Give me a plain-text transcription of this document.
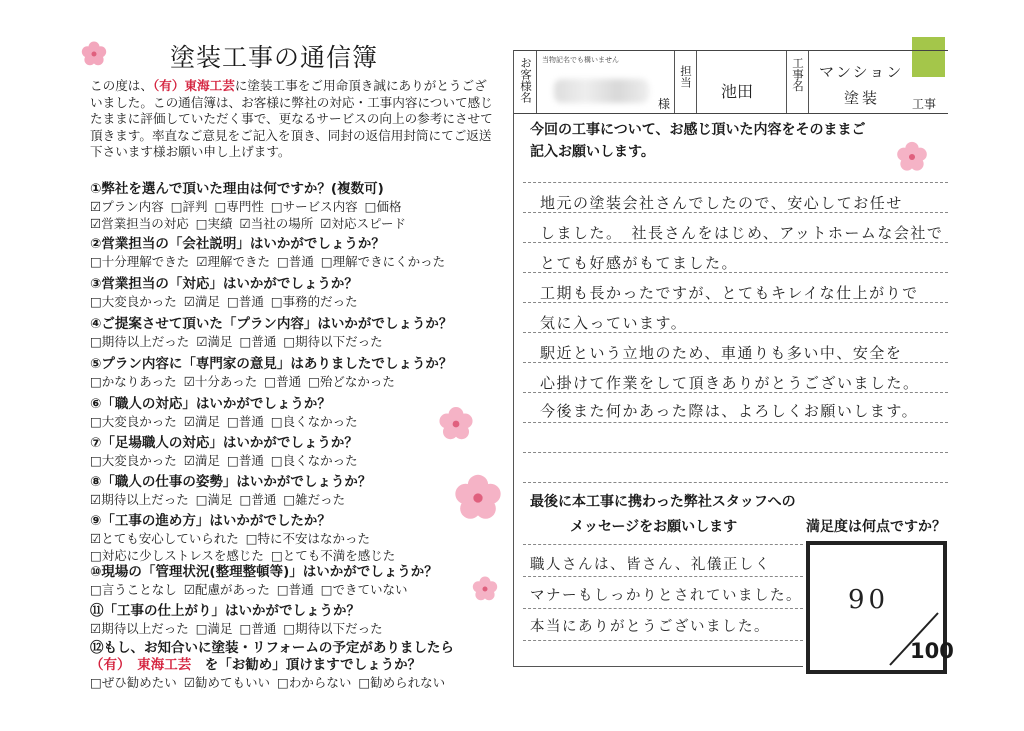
塗装工事の通信簿
この度は、（有）東海工芸に塗装工事をご用命頂き誠にありがとうございました。この通信簿は、お客様に弊社の対応・工事内容について感じたままに評価していただく事で、更なるサービスの向上の参考にさせて頂きます。率直なご意見をご記入を頂き、同封の返信用封筒にてご返送下さいます様お願い申し上げます。
①弊社を選んで頂いた理由は何ですか？(複数可)
☑プラン内容 □評判 □専門性 □サービス内容 □価格
☑営業担当の対応 □実績 ☑当社の場所 ☑対応スピード
②営業担当の「会社説明」はいかがでしょうか？
□十分理解できた ☑理解できた □普通 □理解できにくかった
③営業担当の「対応」はいかがでしょうか？
□大変良かった ☑満足 □普通 □事務的だった
④ご提案させて頂いた「プラン内容」はいかがでしょうか？
□期待以上だった ☑満足 □普通 □期待以下だった
⑤プラン内容に「専門家の意見」はありましたでしょうか？
□かなりあった ☑十分あった □普通 □殆どなかった
⑥「職人の対応」はいかがでしょうか？
□大変良かった ☑満足 □普通 □良くなかった
⑦「足場職人の対応」はいかがでしょうか？
□大変良かった ☑満足 □普通 □良くなかった
⑧「職人の仕事の姿勢」はいかがでしょうか？
☑期待以上だった □満足 □普通 □雑だった
⑨「工事の進め方」はいかがでしたか？
☑とても安心していられた □特に不安はなかった
□対応に少しストレスを感じた □とても不満を感じた
⑩現場の「管理状況(整理整頓等)」はいかがでしょうか？
□言うことなし ☑配慮があった □普通 □できていない
⑪「工事の仕上がり」はいかがでしょうか？
☑期待以上だった □満足 □普通 □期待以下だった
⑫もし、お知合いに塗装・リフォームの予定がありましたら
（有）　東海工芸　を「お勧め」頂けますでしょうか？
□ぜひ勧めたい ☑勧めてもいい □わからない □勧められない
お客様名 当物記名でも構いません
様
担当
池田	工事名 マンション
塗装	工事
今回の工事について、お感じ頂いた内容をそのままご
記入お願いします。
地元の塗装会社さんでしたので、安心してお任せ
しました。　社長さんをはじめ、アットホームな会社で
とても好感がもてました。
工期も長かったですが、とてもキレイな仕上がりで
気に入っています。
駅近という立地のため、車通りも多い中、安全を
心掛けて作業をして頂きありがとうございました。
今後また何かあった際は、よろしくお願いします。
最後に本工事に携わった弊社スタッフへの
メッセージをお願いします
職人さんは、皆さん、礼儀正しく
マナーもしっかりとされていました。
本当にありがとうございました。
満足度は何点ですか？
90
100
